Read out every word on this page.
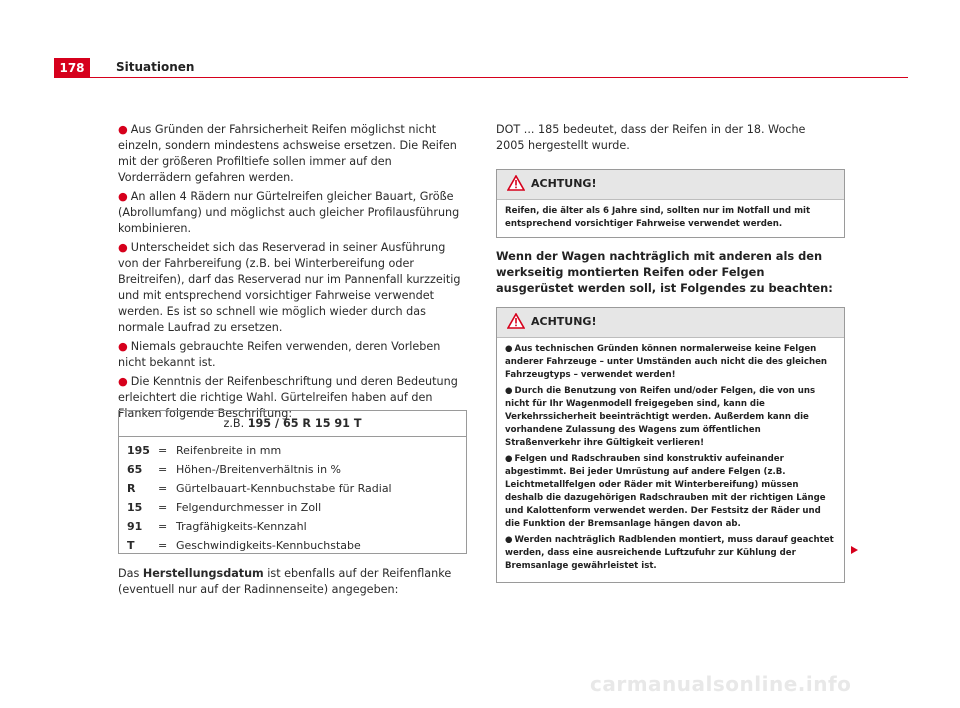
178	Situationen

● Aus Gründen der Fahrsicherheit Reifen möglichst nicht einzeln, sondern mindestens achsweise ersetzen. Die Reifen mit der größeren Profiltiefe sollen immer auf den Vorderrädern gefahren werden.

● An allen 4 Rädern nur Gürtelreifen gleicher Bauart, Größe (Abrollumfang) und möglichst auch gleicher Profilausführung kombinieren.

● Unterscheidet sich das Reserverad in seiner Ausführung von der Fahrbereifung (z.B. bei Winterbereifung oder Breitreifen), darf das Reserverad nur im Pannenfall kurzzeitig und mit entsprechend vorsichtiger Fahrweise verwendet werden. Es ist so schnell wie möglich wieder durch das normale Laufrad zu ersetzen.

● Niemals gebrauchte Reifen verwenden, deren Vorleben nicht bekannt ist.

● Die Kenntnis der Reifenbeschriftung und deren Bedeutung erleichtert die richtige Wahl. Gürtelreifen haben auf den Flanken folgende Beschriftung:

z.B. 195 / 65 R 15 91 T
195 = Reifenbreite in mm
65 = Höhen-/Breitenverhältnis in %
R = Gürtelbauart-Kennbuchstabe für Radial
15 = Felgendurchmesser in Zoll
91 = Tragfähigkeits-Kennzahl
T = Geschwindigkeits-Kennbuchstabe
Das Herstellungsdatum ist ebenfalls auf der Reifenflanke (eventuell nur auf der Radinnenseite) angegeben:
DOT ... 185 bedeutet, dass der Reifen in der 18. Woche 2005 hergestellt wurde.
ACHTUNG!
Reifen, die älter als 6 Jahre sind, sollten nur im Notfall und mit entsprechend vorsichtiger Fahrweise verwendet werden.
Wenn der Wagen nachträglich mit anderen als den werkseitig montierten Reifen oder Felgen ausgerüstet werden soll, ist Folgendes zu beachten:
ACHTUNG!

● Aus technischen Gründen können normalerweise keine Felgen anderer Fahrzeuge – unter Umständen auch nicht die des gleichen Fahrzeugtyps – verwendet werden!

● Durch die Benutzung von Reifen und/oder Felgen, die von uns nicht für Ihr Wagenmodell freigegeben sind, kann die Verkehrssicherheit beeinträchtigt werden. Außerdem kann die vorhandene Zulassung des Wagens zum öffentlichen Straßenverkehr ihre Gültigkeit verlieren!

● Felgen und Radschrauben sind konstruktiv aufeinander abgestimmt. Bei jeder Umrüstung auf andere Felgen (z.B. Leichtmetallfelgen oder Räder mit Winterbereifung) müssen deshalb die dazugehörigen Radschrauben mit der richtigen Länge und Kalottenform verwendet werden. Der Festsitz der Räder und die Funktion der Bremsanlage hängen davon ab.

● Werden nachträglich Radblenden montiert, muss darauf geachtet werden, dass eine ausreichende Luftzufuhr zur Kühlung der Bremsanlage gewährleistet ist.

carmanualsonline.info
